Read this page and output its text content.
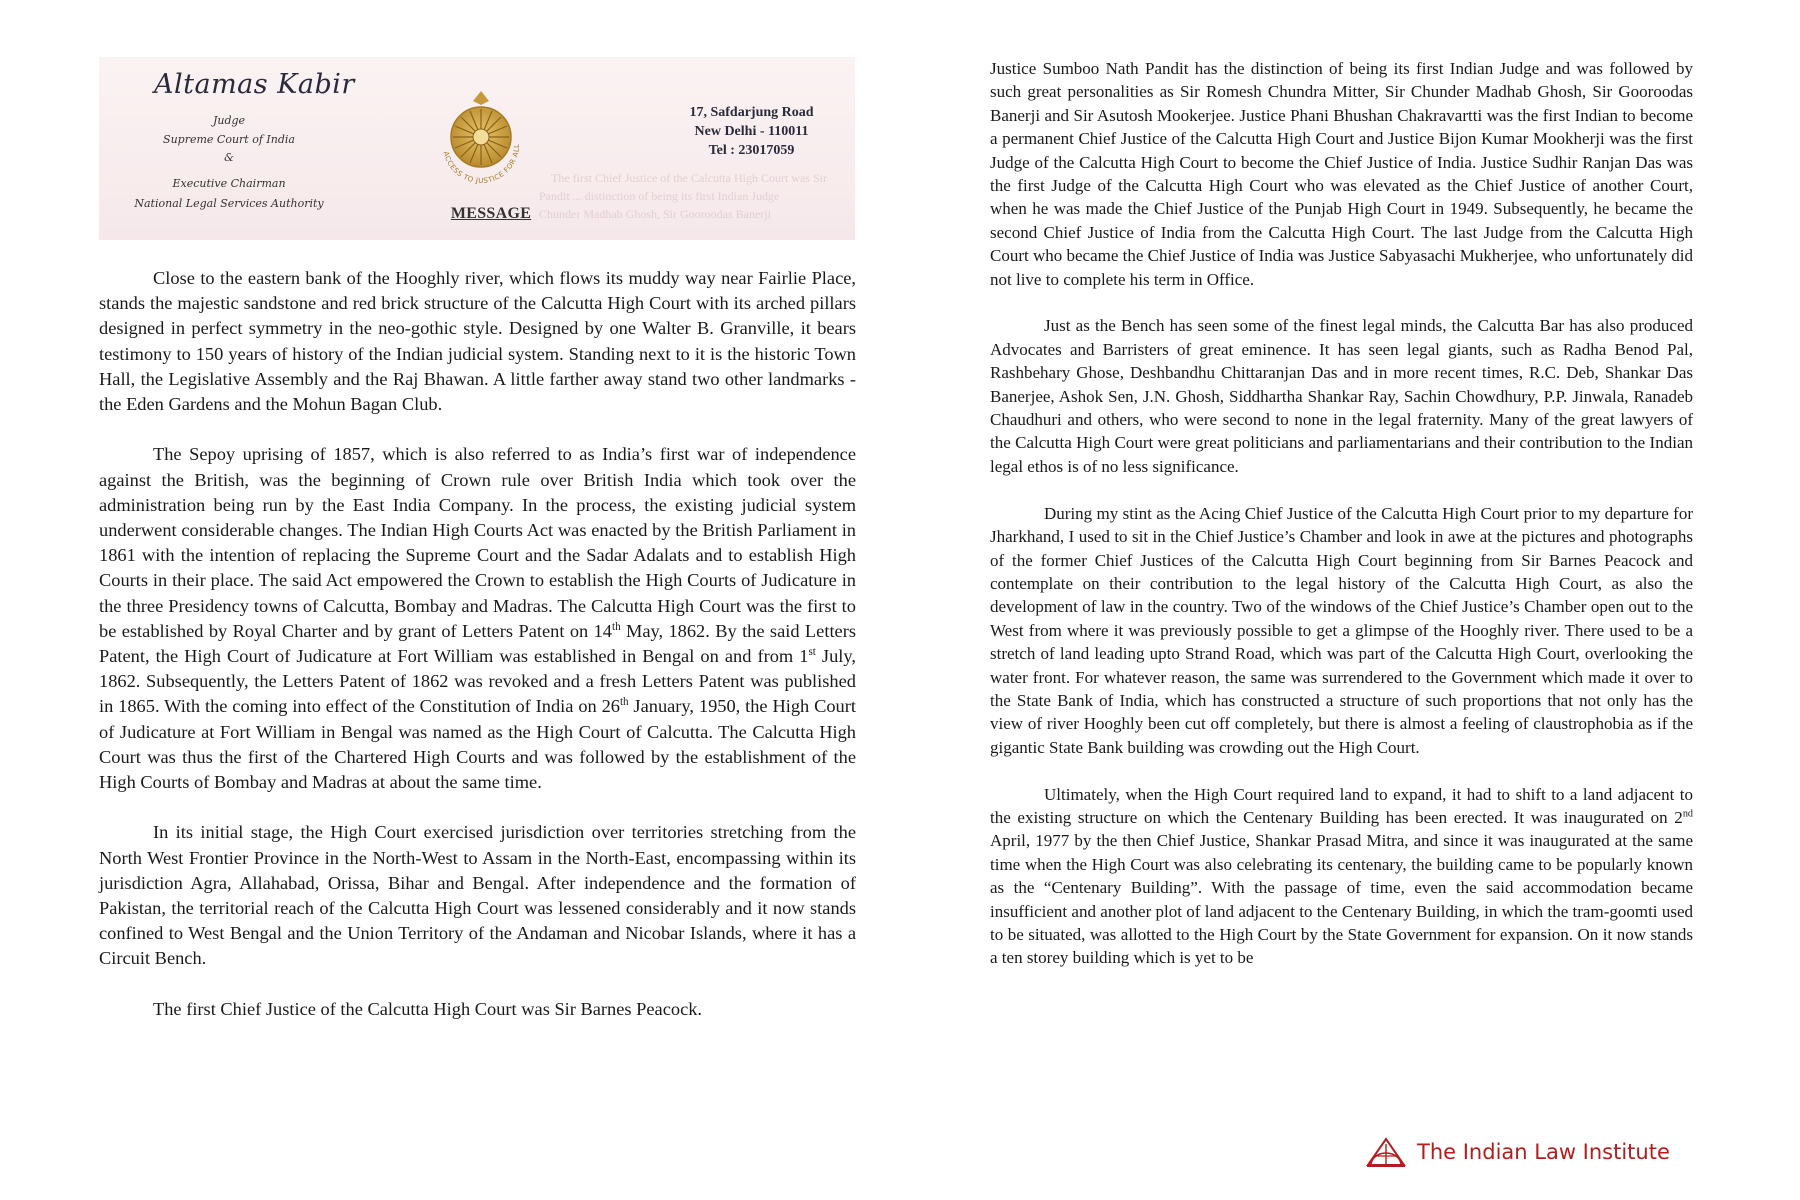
Altamas Kabir
Judge
Supreme Court of India
&
Executive Chairman
National Legal Services Authority
ACCESS TO JUSTICE FOR ALL
17, Safdarjung Road
New Delhi - 110011
Tel : 23017059
 The first Chief Justice of the Calcutta High Court was Sir
Pandit ... distinction of being its first Indian Judge
Chunder Madhab Ghosh, Sir Gooroodas Banerji
MESSAGE

Close to the eastern bank of the Hooghly river, which flows its muddy way near Fairlie Place, stands the majestic sandstone and red brick structure of the Calcutta High Court with its arched pillars designed in perfect symmetry in the neo-gothic style. Designed by one Walter B. Granville, it bears testimony to 150 years of history of the Indian judicial system. Standing next to it is the historic Town Hall, the Legislative Assembly and the Raj Bhawan. A little farther away stand two other landmarks - the Eden Gardens and the Mohun Bagan Club.

The Sepoy uprising of 1857, which is also referred to as India’s first war of independence against the British, was the beginning of Crown rule over British India which took over the administration being run by the East India Company. In the process, the existing judicial system underwent considerable changes. The Indian High Courts Act was enacted by the British Parliament in 1861 with the intention of replacing the Supreme Court and the Sadar Adalats and to establish High Courts in their place. The said Act empowered the Crown to establish the High Courts of Judicature in the three Presidency towns of Calcutta, Bombay and Madras. The Calcutta High Court was the first to be established by Royal Charter and by grant of Letters Patent on 14th May, 1862. By the said Letters Patent, the High Court of Judicature at Fort William was established in Bengal on and from 1st July, 1862. Subsequently, the Letters Patent of 1862 was revoked and a fresh Letters Patent was published in 1865. With the coming into effect of the Constitution of India on 26th January, 1950, the High Court of Judicature at Fort William in Bengal was named as the High Court of Calcutta. The Calcutta High Court was thus the first of the Chartered High Courts and was followed by the establishment of the High Courts of Bombay and Madras at about the same time.

In its initial stage, the High Court exercised jurisdiction over territories stretching from the North West Frontier Province in the North-West to Assam in the North-East, encompassing within its jurisdiction Agra, Allahabad, Orissa, Bihar and Bengal. After independence and the formation of Pakistan, the territorial reach of the Calcutta High Court was lessened considerably and it now stands confined to West Bengal and the Union Territory of the Andaman and Nicobar Islands, where it has a Circuit Bench.

The first Chief Justice of the Calcutta High Court was Sir Barnes Peacock.

Justice Sumboo Nath Pandit has the distinction of being its first Indian Judge and was followed by such great personalities as Sir Romesh Chundra Mitter, Sir Chunder Madhab Ghosh, Sir Gooroodas Banerji and Sir Asutosh Mookerjee. Justice Phani Bhushan Chakravartti was the first Indian to become a permanent Chief Justice of the Calcutta High Court and Justice Bijon Kumar Mookherji was the first Judge of the Calcutta High Court to become the Chief Justice of India. Justice Sudhir Ranjan Das was the first Judge of the Calcutta High Court who was elevated as the Chief Justice of another Court, when he was made the Chief Justice of the Punjab High Court in 1949. Subsequently, he became the second Chief Justice of India from the Calcutta High Court. The last Judge from the Calcutta High Court who became the Chief Justice of India was Justice Sabyasachi Mukherjee, who unfortunately did not live to complete his term in Office.

Just as the Bench has seen some of the finest legal minds, the Calcutta Bar has also produced Advocates and Barristers of great eminence. It has seen legal giants, such as Radha Benod Pal, Rashbehary Ghose, Deshbandhu Chittaranjan Das and in more recent times, R.C. Deb, Shankar Das Banerjee, Ashok Sen, J.N. Ghosh, Siddhartha Shankar Ray, Sachin Chowdhury, P.P. Jinwala, Ranadeb Chaudhuri and others, who were second to none in the legal fraternity. Many of the great lawyers of the Calcutta High Court were great politicians and parliamentarians and their contribution to the Indian legal ethos is of no less significance.

During my stint as the Acing Chief Justice of the Calcutta High Court prior to my departure for Jharkhand, I used to sit in the Chief Justice’s Chamber and look in awe at the pictures and photographs of the former Chief Justices of the Calcutta High Court beginning from Sir Barnes Peacock and contemplate on their contribution to the legal history of the Calcutta High Court, as also the development of law in the country. Two of the windows of the Chief Justice’s Chamber open out to the West from where it was previously possible to get a glimpse of the Hooghly river. There used to be a stretch of land leading upto Strand Road, which was part of the Calcutta High Court, overlooking the water front. For whatever reason, the same was surrendered to the Government which made it over to the State Bank of India, which has constructed a structure of such proportions that not only has the view of river Hooghly been cut off completely, but there is almost a feeling of claustrophobia as if the gigantic State Bank building was crowding out the High Court.

Ultimately, when the High Court required land to expand, it had to shift to a land adjacent to the existing structure on which the Centenary Building has been erected. It was inaugurated on 2nd April, 1977 by the then Chief Justice, Shankar Prasad Mitra, and since it was inaugurated at the same time when the High Court was also celebrating its centenary, the building came to be popularly known as the “Centenary Building”. With the passage of time, even the said accommodation became insufficient and another plot of land adjacent to the Centenary Building, in which the tram-goomti used to be situated, was allotted to the High Court by the State Government for expansion. On it now stands a ten storey building which is yet to be

The Indian Law Institute
